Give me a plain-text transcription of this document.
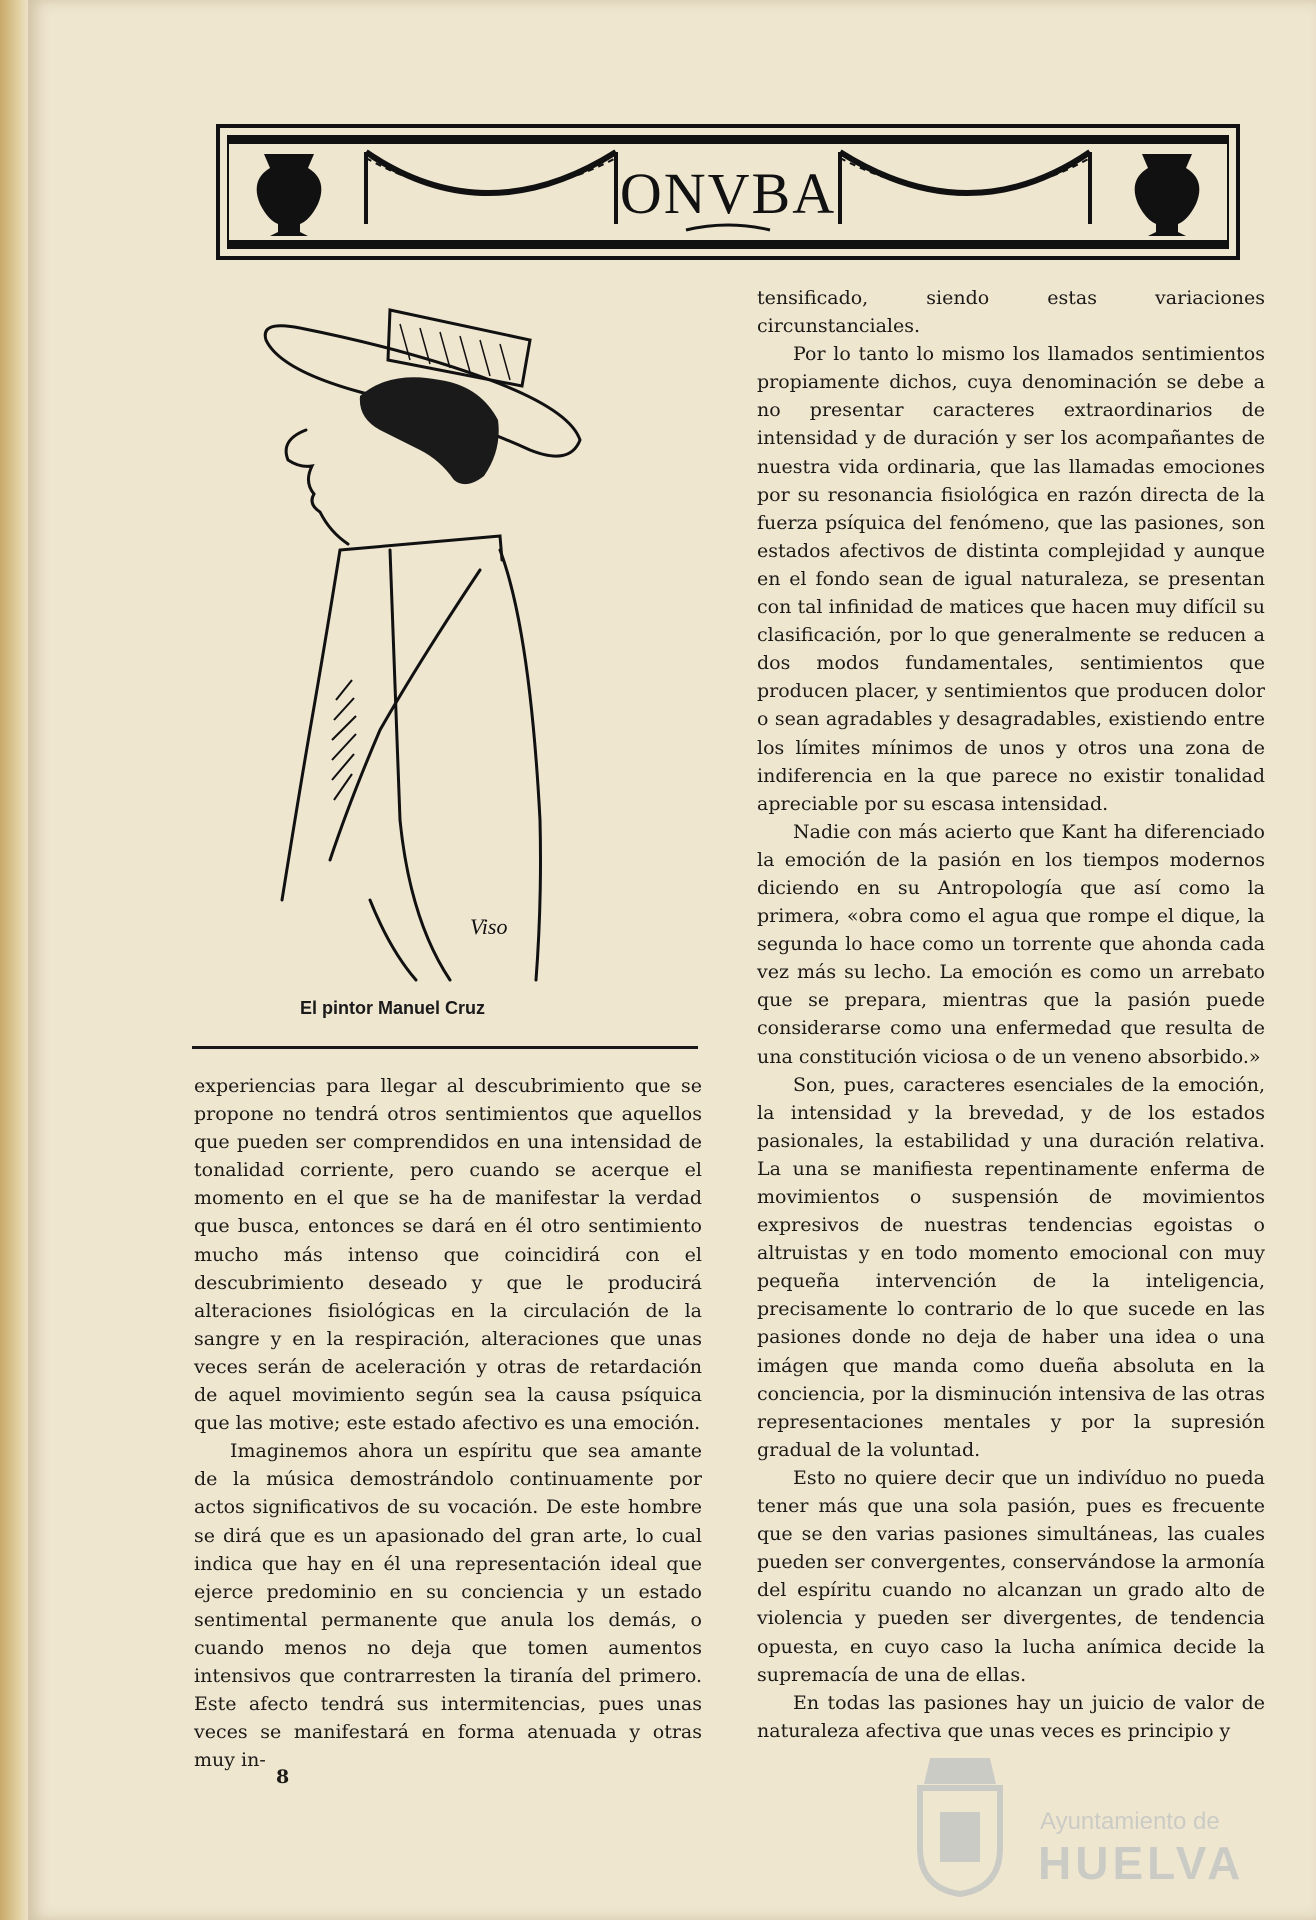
ONVBA
Viso
El pintor Manuel Cruz

experiencias para llegar al descubrimiento que se propone no tendrá otros sentimientos que aquellos que pueden ser comprendidos en una intensidad de tonalidad corriente, pero cuando se acerque el momento en el que se ha de manifestar la verdad que busca, entonces se dará en él otro sentimiento mucho más intenso que coincidirá con el descubrimiento deseado y que le producirá alteraciones fisiológicas en la circulación de la sangre y en la respiración, alteraciones que unas veces serán de aceleración y otras de retardación de aquel movimiento según sea la causa psíquica que las motive; este estado afectivo es una emoción.

Imaginemos ahora un espíritu que sea amante de la música demostrándolo continuamente por actos significativos de su vocación. De este hombre se dirá que es un apasionado del gran arte, lo cual indica que hay en él una representación ideal que ejerce predominio en su conciencia y un estado sentimental permanente que anula los demás, o cuando menos no deja que tomen aumentos intensivos que contrarresten la tiranía del primero. Este afecto tendrá sus intermitencias, pues unas veces se manifestará en forma atenuada y otras muy in-

tensificado, siendo estas variaciones circunstanciales.

Por lo tanto lo mismo los llamados sentimientos propiamente dichos, cuya denominación se debe a no presentar caracteres extraordinarios de intensidad y de duración y ser los acompañantes de nuestra vida ordinaria, que las llamadas emociones por su resonancia fisiológica en razón directa de la fuerza psíquica del fenómeno, que las pasiones, son estados afectivos de distinta complejidad y aunque en el fondo sean de igual naturaleza, se presentan con tal infinidad de matices que hacen muy difícil su clasificación, por lo que generalmente se reducen a dos modos fundamentales, sentimientos que producen placer, y sentimientos que producen dolor o sean agradables y desagradables, existiendo entre los límites mínimos de unos y otros una zona de indiferencia en la que parece no existir tonalidad apreciable por su escasa intensidad.

Nadie con más acierto que Kant ha diferenciado la emoción de la pasión en los tiempos modernos diciendo en su Antropología que así como la primera, «obra como el agua que rompe el dique, la segunda lo hace como un torrente que ahonda cada vez más su lecho. La emoción es como un arrebato que se prepara, mientras que la pasión puede considerarse como una enfermedad que resulta de una constitución viciosa o de un veneno absorbido.»

Son, pues, caracteres esenciales de la emoción, la intensidad y la brevedad, y de los estados pasionales, la estabilidad y una duración relativa. La una se manifiesta repentinamente enferma de movimientos o suspensión de movimientos expresivos de nuestras tendencias egoistas o altruistas y en todo momento emocional con muy pequeña intervención de la inteligencia, precisamente lo contrario de lo que sucede en las pasiones donde no deja de haber una idea o una imágen que manda como dueña absoluta en la conciencia, por la disminución intensiva de las otras representaciones mentales y por la supresión gradual de la voluntad.

Esto no quiere decir que un indivíduo no pueda tener más que una sola pasión, pues es frecuente que se den varias pasiones simultáneas, las cuales pueden ser convergentes, conservándose la armonía del espíritu cuando no alcanzan un grado alto de violencia y pueden ser divergentes, de tendencia opuesta, en cuyo caso la lucha anímica decide la supremacía de una de ellas.

En todas las pasiones hay un juicio de valor de naturaleza afectiva que unas veces es principio y

8
Ayuntamiento de
HUELVA
